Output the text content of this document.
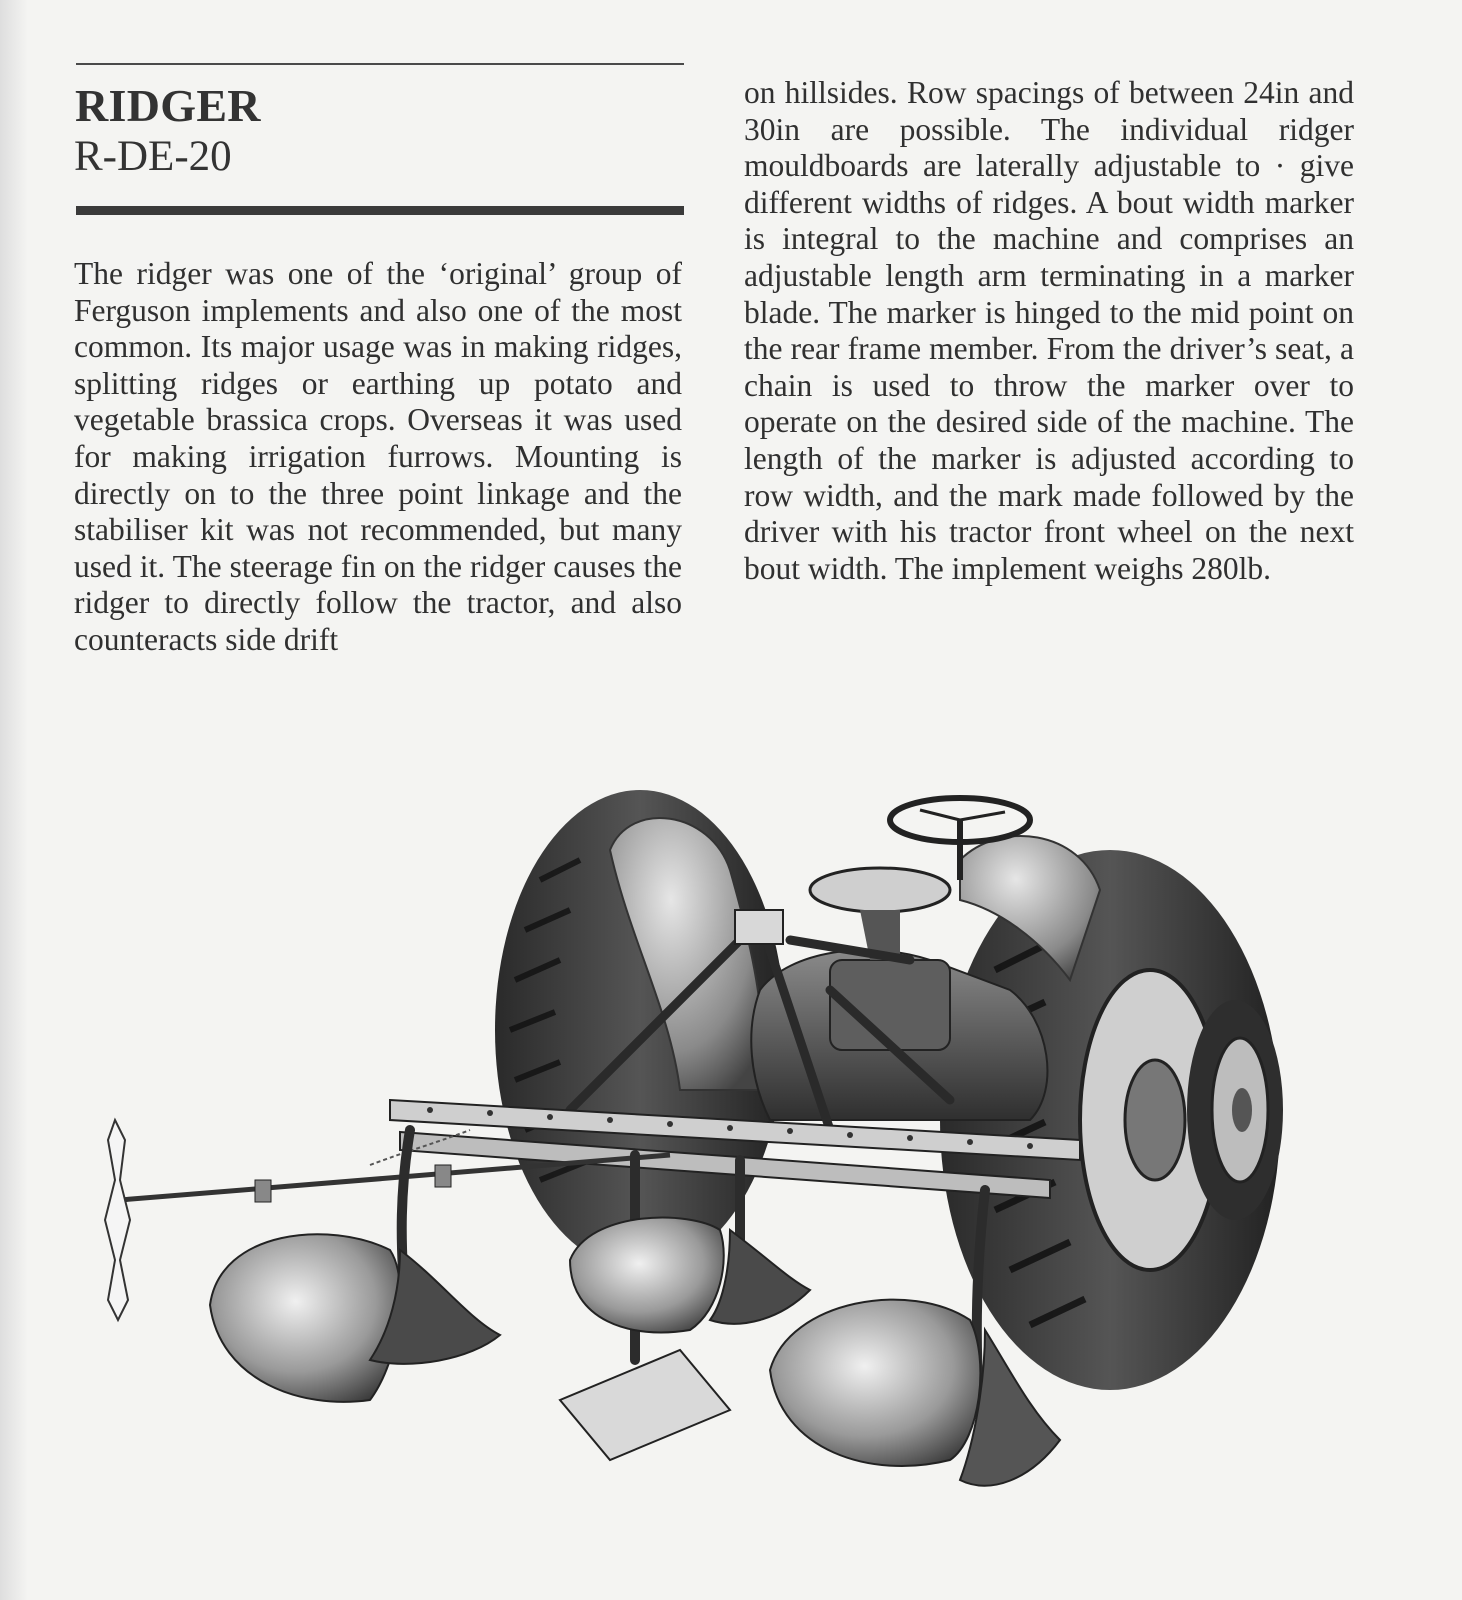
RIDGER
R-DE-20

The ridger was one of the ‘original’ group of Ferguson implements and also one of the most common. Its major usage was in making ridges, splitting ridges or earthing up potato and vegetable brassica crops. Overseas it was used for making irrigation furrows. Mounting is directly on to the three point linkage and the stabiliser kit was not recommended, but many used it. The steerage fin on the ridger causes the ridger to directly follow the tractor, and also counteracts side drift

on hillsides. Row spacings of between 24in and 30in are possible. The individual ridger mouldboards are laterally adjustable to · give different widths of ridges. A bout width marker is integral to the machine and comprises an adjustable length arm terminating in a marker blade. The marker is hinged to the mid point on the rear frame member. From the driver’s seat, a chain is used to throw the marker over to operate on the desired side of the machine. The length of the marker is adjusted according to row width, and the mark made followed by the driver with his tractor front wheel on the next bout width. The implement weighs 280lb.
